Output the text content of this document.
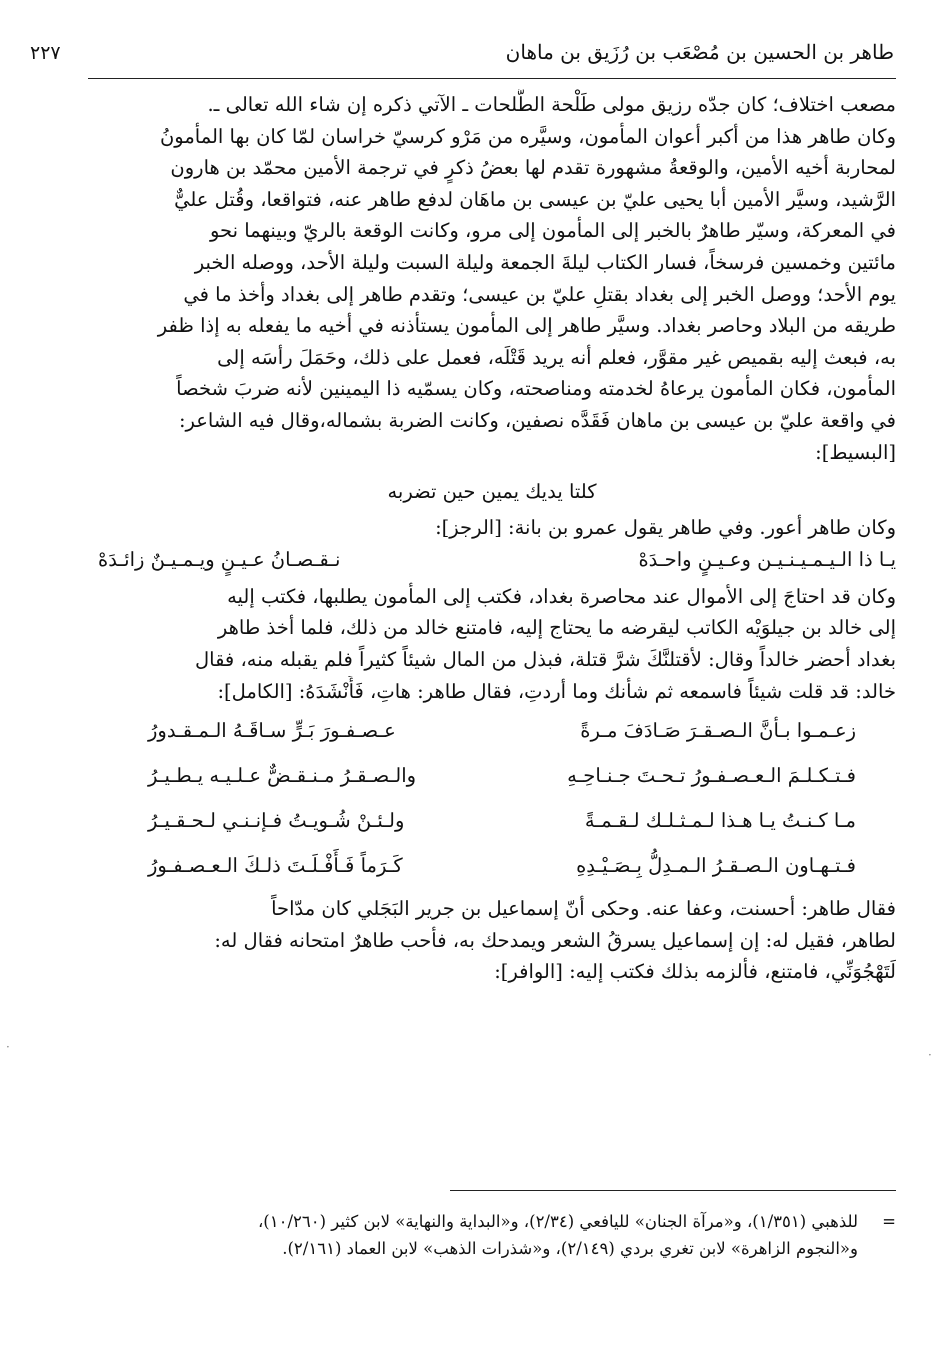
طاهر بن الحسين بن مُصْعَب بن رُزَيق بن ماهان
٢٢٧

مصعب اختلاف؛ كان جدّه رزيق مولى طَلْحة الطَّلحات ـ الآتي ذكره إن شاء الله تعالى ـ.
وكان طاهر هذا من أكبر أعوان المأمون، وسيَّره من مَرْو كرسيّ خراسان لمّا كان بها المأمونُ
لمحاربة أخيه الأمين، والوقعةُ مشهورة تقدم لها بعضُ ذكرٍ في ترجمة الأمين محمّد بن هارون
الرَّشيد، وسيَّر الأمين أبا يحيى عليّ بن عيسى بن ماهَان لدفع طاهر عنه، فتواقعا، وقُتل عليٌّ
في المعركة، وسيّر طاهرٌ بالخبر إلى المأمون إلى مرو، وكانت الوقعة بالريّ وبينهما نحو
مائتين وخمسين فرسخاً، فسار الكتاب ليلةَ الجمعة وليلة السبت وليلة الأحد، ووصله الخبر
يوم الأحد؛ ووصل الخبر إلى بغداد بقتلِ عليّ بن عيسى؛ وتقدم طاهر إلى بغداد وأخذ ما في
طريقه من البلاد وحاصر بغداد. وسيَّر طاهر إلى المأمون يستأذنه في أخيه ما يفعله به إذا ظفر
به، فبعث إليه بقميص غير مقوَّر، فعلم أنه يريد قَتْلَه، فعمل على ذلك، وحَمَلَ رأسَه إلى
المأمون، فكان المأمون يرعاهُ لخدمته ومناصحته، وكان يسمّيه ذا اليمينين لأنه ضربَ شخصاً
في واقعة عليّ بن عيسى بن ماهان فَقَدَّه نصفين، وكانت الضربة بشماله،وقال فيه الشاعر:
[البسيط]:

كلتا يديك يمين حين تضربه

وكان طاهر أعور. وفي طاهر يقول عمرو بن بانة: [الرجز]:

يـا ذا الـيـمـيـنـيـن وعـيـنٍ واحـدَهْ
نـقـصـانُ عـيـنٍ ويـمـيـنٌ زائـدَهْ

وكان قد احتاجَ إلى الأموال عند محاصرة بغداد، فكتب إلى المأمون يطلبها، فكتب إليه
إلى خالد بن جيلوَيْه الكاتب ليقرضه ما يحتاج إليه، فامتنع خالد من ذلك، فلما أخذ طاهر
بغداد أحضر خالداً وقال: لأقتلنَّكَ شرَّ قتلة، فبذل من المال شيئاً كثيراً فلم يقبله منه، فقال
خالد: قد قلت شيئاً فاسمعه ثم شأنك وما أردتِ، فقال طاهر: هاتِ، فَأَنْشَدَهُ: [الكامل]:

زعـمـوا بـأنَّ الـصـقـرَ صَـادَفَ مـرةً
عـصـفـورَ بَـرٍّ سـاقَـهُ الـمـقـدورُ
فـتـكـلـمَ الـعـصـفـورُ تـحـتَ جـنـاحِـهِ
والـصـقـرُ مـنـقـضٌّ عـلـيـه يـطـيـرُ
مـا كـنـتُ يـا هـذا لـمـثـلـك لـقـمـةً
ولـئـنْ شُـويـتُ فـإنـنـي لـحـقـيـرُ
فـتـهـاون الـصـقـرُ الـمـدِلُّ بِـصَـيْـدِهِ
كَـرَماً فَـأَفْـلَـتَ ذلـكَ الـعـصـفـورُ

فقال طاهر: أحسنت، وعفا عنه. وحكى أنّ إسماعيل بن جرير البَجَلي كان مدّاحاً
لطاهر، فقيل له: إن إسماعيل يسرقُ الشعر ويمدحك به، فأحب طاهرٌ امتحانه فقال له:
لَتَهْجُوَنِّي، فامتنع، فألزمه بذلك فكتب إليه: [الوافر]:

=
للذهبي (١/٣٥١)، و«مرآة الجنان» لليافعي (٢/٣٤)، و«البداية والنهاية» لابن كثير (١٠/٢٦٠)،
و«النجوم الزاهرة» لابن تغري بردي (٢/١٤٩)، و«شذرات الذهب» لابن العماد (٢/١٦١).
·
·
